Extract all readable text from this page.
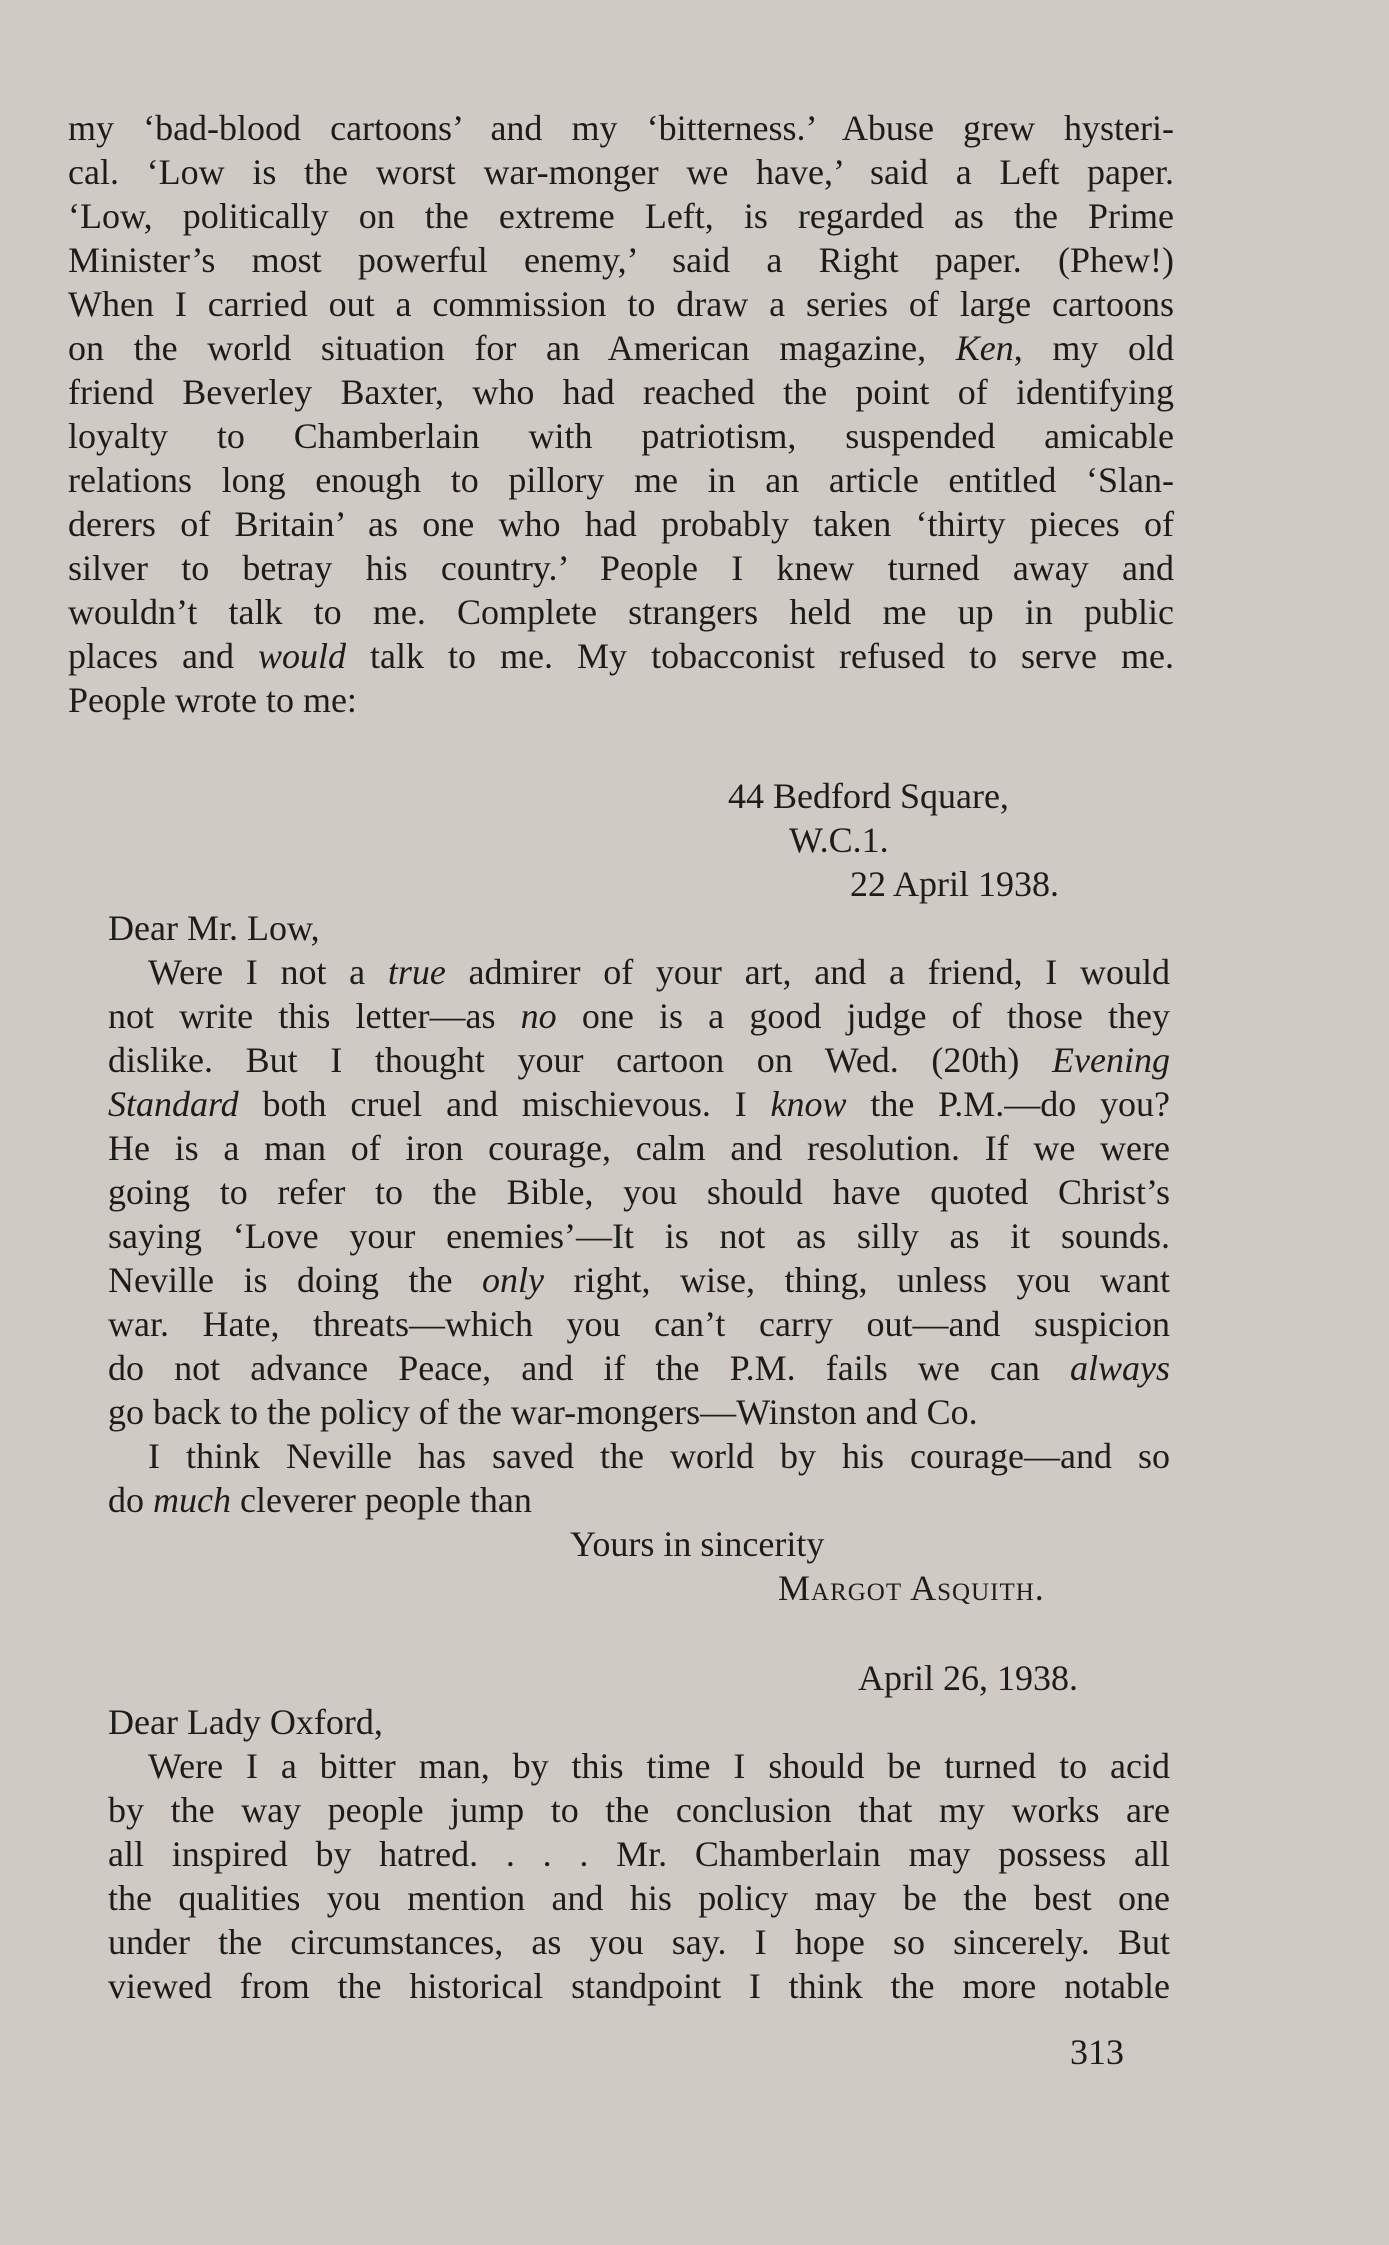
my ‘bad-blood cartoons’ and my ‘bitterness.’ Abuse grew hysteri-

cal. ‘Low is the worst war-monger we have,’ said a Left paper.

‘Low, politically on the extreme Left, is regarded as the Prime

Minister’s most powerful enemy,’ said a Right paper. (Phew!)

When I carried out a commission to draw a series of large cartoons

on the world situation for an American magazine, Ken, my old

friend Beverley Baxter, who had reached the point of identifying

loyalty to Chamberlain with patriotism, suspended amicable

relations long enough to pillory me in an article entitled ‘Slan-

derers of Britain’ as one who had probably taken ‘thirty pieces of

silver to betray his country.’ People I knew turned away and

wouldn’t talk to me. Complete strangers held me up in public

places and would talk to me. My tobacconist refused to serve me.

People wrote to me:

44 Bedford Square,

W.C.1.

22 April 1938.

Dear Mr. Low,

Were I not a true admirer of your art, and a friend, I would

not write this letter—as no one is a good judge of those they

dislike. But I thought your cartoon on Wed. (20th) Evening

Standard both cruel and mischievous. I know the P.M.—do you?

He is a man of iron courage, calm and resolution. If we were

going to refer to the Bible, you should have quoted Christ’s

saying ‘Love your enemies’—It is not as silly as it sounds.

Neville is doing the only right, wise, thing, unless you want

war. Hate, threats—which you can’t carry out—and suspicion

do not advance Peace, and if the P.M. fails we can always

go back to the policy of the war-mongers—Winston and Co.

I think Neville has saved the world by his courage—and so

do much cleverer people than

Yours in sincerity

Margot Asquith.

April 26, 1938.

Dear Lady Oxford,

Were I a bitter man, by this time I should be turned to acid

by the way people jump to the conclusion that my works are

all inspired by hatred. . . . Mr. Chamberlain may possess all

the qualities you mention and his policy may be the best one

under the circumstances, as you say. I hope so sincerely. But

viewed from the historical standpoint I think the more notable

313
